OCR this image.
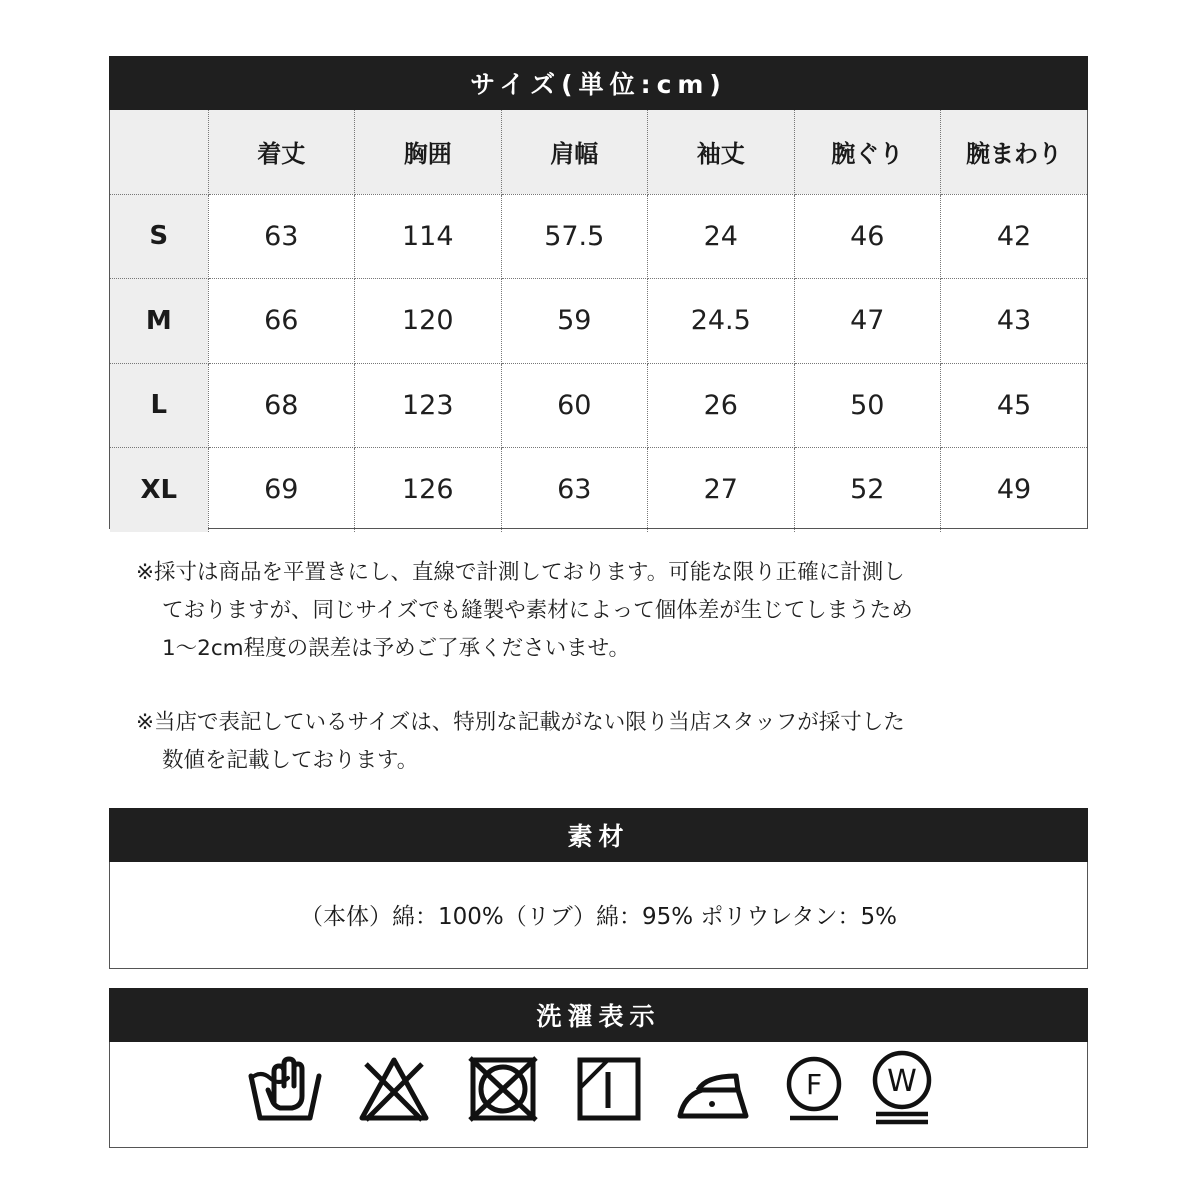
サイズ(単位:cm)
	着丈	胸囲	肩幅	袖丈	腕ぐり	腕まわり
S	63	114	57.5	24	46	42
M	66	120	59	24.5	47	43
L	68	123	60	26	50	45
XL	69	126	63	27	52	49

※採寸は商品を平置きにし、直線で計測しております。可能な限り正確に計測し

ておりますが、同じサイズでも縫製や素材によって個体差が生じてしまうため

1〜2cm程度の誤差は予めご了承くださいませ。

※当店で表記しているサイズは、特別な記載がない限り当店スタッフが採寸した

数値を記載しております。

素材
（本体）綿：100%（リブ）綿：95% ポリウレタン：5%
洗濯表示
F W
